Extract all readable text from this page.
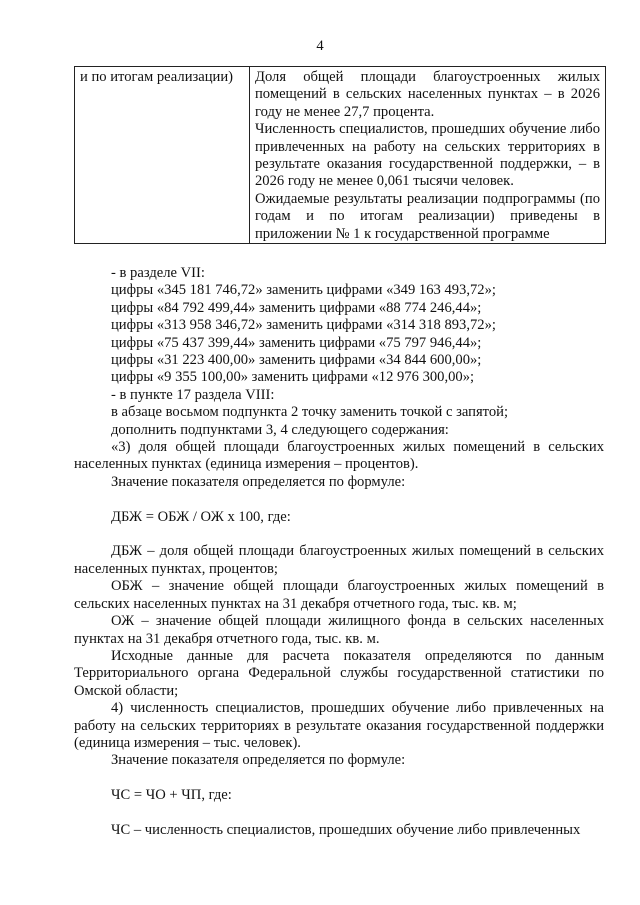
4
и по итогам реализации)	Доля общей площади благоустроенных жилых помещений в сельских населенных пунктах – в 2026 году не менее 27,7 процента.

Численность специалистов, прошедших обучение либо привлеченных на работу на сельских территориях в результате оказания государственной поддержки, – в 2026 году не менее 0,061 тысячи человек.

Ожидаемые результаты реализации подпрограммы (по годам и по итогам реализации) приведены в приложении № 1 к государственной программе

- в разделе VII:

цифры «345 181 746,72» заменить цифрами «349 163 493,72»;

цифры «84 792 499,44» заменить цифрами «88 774 246,44»;

цифры «313 958 346,72» заменить цифрами «314 318 893,72»;

цифры «75 437 399,44» заменить цифрами «75 797 946,44»;

цифры «31 223 400,00» заменить цифрами «34 844 600,00»;

цифры «9 355 100,00» заменить цифрами «12 976 300,00»;

- в пункте 17 раздела VIII:

в абзаце восьмом подпункта 2 точку заменить точкой с запятой;

дополнить подпунктами 3, 4 следующего содержания:

«3) доля общей площади благоустроенных жилых помещений в сельских населенных пунктах (единица измерения – процентов).

Значение показателя определяется по формуле:

ДБЖ = ОБЖ / ОЖ х 100, где:

ДБЖ – доля общей площади благоустроенных жилых помещений в сельских населенных пунктах, процентов;

ОБЖ – значение общей площади благоустроенных жилых помещений в сельских населенных пунктах на 31 декабря отчетного года, тыс. кв. м;

ОЖ – значение общей площади жилищного фонда в сельских населенных пунктах на 31 декабря отчетного года, тыс. кв. м.

Исходные данные для расчета показателя определяются по данным Территориального органа Федеральной службы государственной статистики по Омской области;

4) численность специалистов, прошедших обучение либо привлеченных на работу на сельских территориях в результате оказания государственной поддержки (единица измерения – тыс. человек).

Значение показателя определяется по формуле:

ЧС = ЧО + ЧП, где:

ЧС – численность специалистов, прошедших обучение либо привлеченных
